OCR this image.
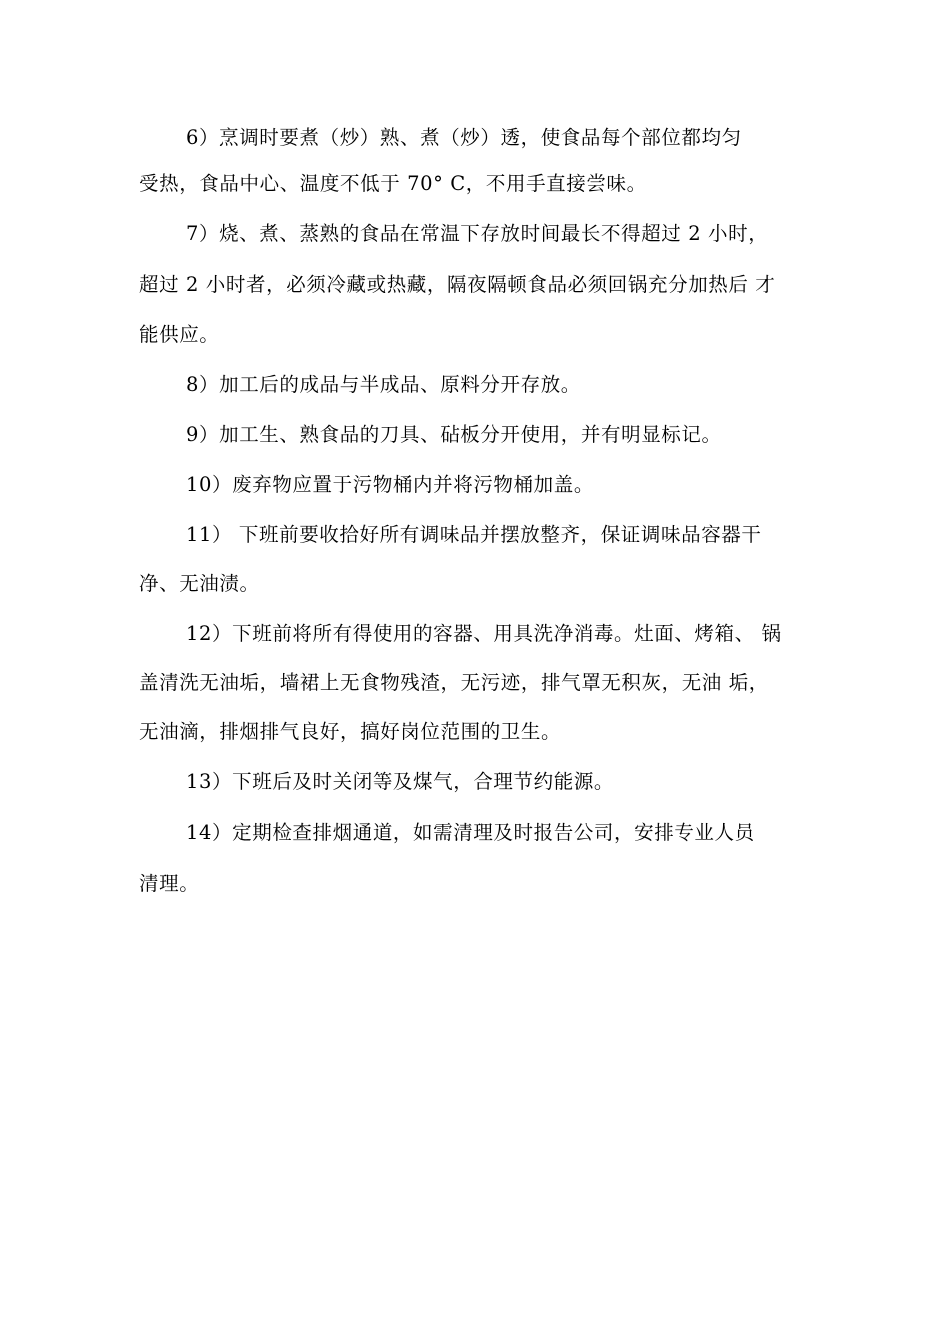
6）烹调时要煮（炒）熟、煮（炒）透，使食品每个部位都均匀
受热，食品中心、温度不低于 70° C，不用手直接尝味。
7）烧、煮、蒸熟的食品在常温下存放时间最长不得超过 2 小时，
超过 2 小时者，必须冷藏或热藏，隔夜隔顿食品必须回锅充分加热后 才
能供应。
8）加工后的成品与半成品、原料分开存放。
9）加工生、熟食品的刀具、砧板分开使用，并有明显标记。
10）废弃物应置于污物桶内并将污物桶加盖。
11） 下班前要收拾好所有调味品并摆放整齐，保证调味品容器干
净、无油渍。
12）下班前将所有得使用的容器、用具洗净消毒。灶面、烤箱、 锅
盖清洗无油垢，墙裙上无食物残渣，无污迹，排气罩无积灰，无油 垢，
无油滴，排烟排气良好，搞好岗位范围的卫生。
13）下班后及时关闭等及煤气，合理节约能源。
14）定期检查排烟通道，如需清理及时报告公司，安排专业人员
清理。
